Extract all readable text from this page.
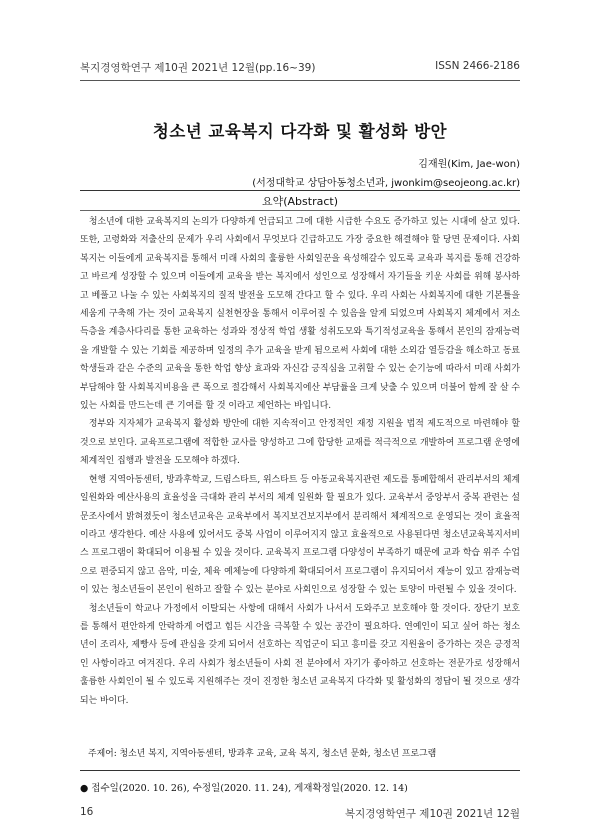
복지경영학연구 제10권 2021년 12월(pp.16~39)	ISSN 2466-2186
청소년 교육복지 다각화 및 활성화 방안
김재원(Kim, Jae-won)
(서정대학교 상담아동청소년과, jwonkim@seojeong.ac.kr)
요약(Abstract)

청소년에 대한 교육복지의 논의가 다양하게 언급되고 그에 대한 시급한 수요도 증가하고 있는 시대에 살고 있다. 또한, 고령화와 저출산의 문제가 우리 사회에서 무엇보다 긴급하고도 가장 중요한 해결해야 할 당면 문제이다. 사회복지는 이들에게 교육복지를 통해서 미래 사회의 훌륭한 사회일꾼을 육성해갈수 있도록 교육과 복지를 통해 건강하고 바르게 성장할 수 있으며 이들에게 교육을 받는 복지에서 성인으로 성장해서 자기들을 키운 사회를 위해 봉사하고 베풀고 나눌 수 있는 사회복지의 질적 발전을 도모해 간다고 할 수 있다. 우리 사회는 사회복지에 대한 기본틀을 세움게 구축해 가는 것이 교육복지 실천현장을 통해서 이루어질 수 있음을 알게 되었으며 사회복지 체계에서 저소득층을 계층사다리를 통한 교육하는 성과와 정상적 학업 생활 성취도모와 특기적성교육을 통해서 본인의 잠재능력을 개발할 수 있는 기회를 제공하며 일정의 추가 교육을 받게 됨으로써 사회에 대한 소외감 열등감을 해소하고 동료 학생들과 같은 수준의 교육을 통한 학업 향상 효과와 자신감 긍직심을 고취할 수 있는 순기능에 따라서 미래 사회가 부담해야 할 사회복지비용을 큰 폭으로 절감해서 사회복지에산 부담률을 크게 낮출 수 있으며 더불어 함께 잘 살 수 있는 사회를 만드는데 큰 기여를 할 것 이라고 제언하는 바입니다.

정부와 지자체가 교육복지 활성화 방안에 대한 지속적이고 안정적인 재정 지원을 법적 제도적으로 마련해야 할 것으로 보인다. 교육프로그램에 적합한 교사를 양성하고 그에 합당한 교재를 적극적으로 개발하여 프로그램 운영에 체계적인 집행과 발전을 도모해야 하겠다.

현행 지역아동센터, 방과후학교, 드림스타트, 위스타트 등 아동교육복지관련 제도를 통폐합해서 관리부서의 체계 일원화와 예산사용의 효율성을 극대화 관리 부서의 체계 일원화 할 필요가 있다. 교육부서 중앙부서 중복 관련는 설문조사에서 밝혀졌듯이 청소년교육은 교육부에서 복지보건보지부에서 분리해서 체계적으로 운영되는 것이 효율적이라고 생각한다. 예산 사용에 있어서도 중복 사업이 이루어지지 않고 효율적으로 사용된다면 청소년교육복지서비스 프로그램이 확대되어 이용될 수 있을 것이다. 교육복지 프로그램 다양성이 부족하기 때문에 교과 학습 위주 수업으로 편중되지 않고 음악, 미술, 체육 예체능에 다양하게 확대되어서 프로그램이 유지되어서 재능이 있고 잠재능력이 있는 청소년들이 본인이 원하고 잘할 수 있는 분야로 사회인으로 성장할 수 있는 토양이 마련될 수 있을 것이다.

청소년들이 학교나 가정에서 이탈되는 사항에 대해서 사회가 나서서 도와주고 보호해야 할 것이다. 장단기 보호를 통해서 편안하게 안락하게 어렵고 힘든 시간을 극복할 수 있는 공간이 필요하다. 연예인이 되고 싶어 하는 청소년이 조리사, 제빵사 등에 관심을 갖게 되어서 선호하는 직업군이 되고 흥미를 갖고 지원율이 증가하는 것은 긍정적인 사항이라고 여겨진다. 우리 사회가 청소년들이 사회 전 분야에서 자기가 좋아하고 선호하는 전문가로 성장해서 훌륭한 사회인이 될 수 있도록 지원해주는 것이 진정한 청소년 교육복지 다각화 및 활성화의 정답이 될 것으로 생각되는 바이다.

주제어: 청소년 복지, 지역아동센터, 방과후 교육, 교육 복지, 청소년 문화, 청소년 프로그램
● 접수일(2020. 10. 26), 수정일(2020. 11. 24), 게재확정일(2020. 12. 14)
16	복지경영학연구 제10권 2021년 12월
